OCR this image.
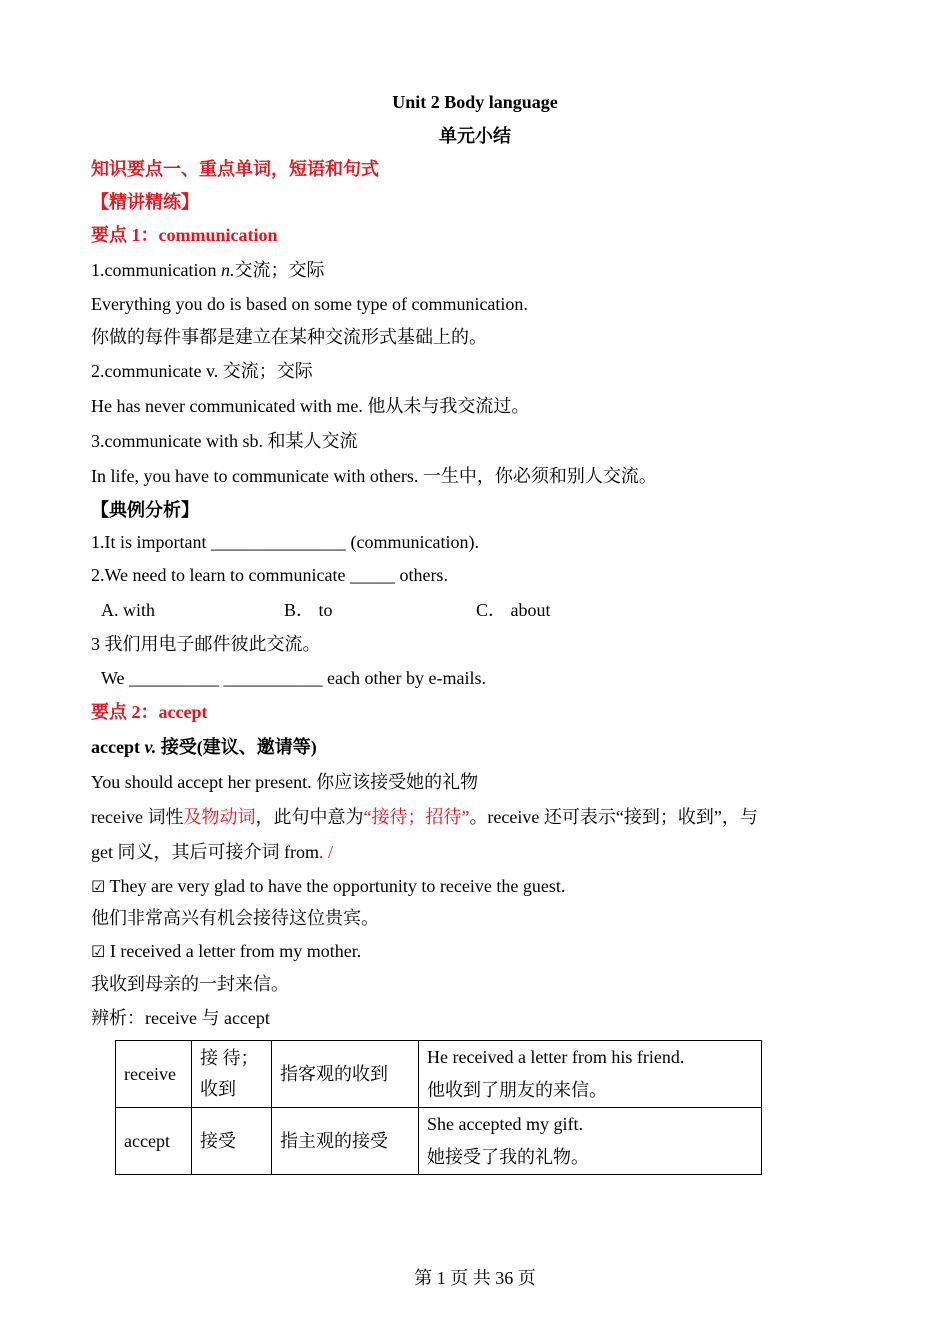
Unit 2 Body language
单元小结
知识要点一、重点单词，短语和句式
【精讲精练】
要点 1：communication
1.communication n.交流；交际
Everything you do is based on some type of communication.
你做的每件事都是建立在某种交流形式基础上的。
2.communicate v. 交流；交际
He has never communicated with me. 他从未与我交流过。
3.communicate with sb. 和某人交流
In life, you have to communicate with others. 一生中，你必须和别人交流。
【典例分析】
1.It is important _______________ (communication).
2.We need to learn to communicate _____ others.
A. with	B． to	C． about
3 我们用电子邮件彼此交流。
We __________ ___________ each other by e-mails.
要点 2：accept
accept v. 接受(建议、邀请等)
You should accept her present. 你应该接受她的礼物
receive 词性及物动词，此句中意为“接待；招待”。receive 还可表示“接到；收到”，与
get 同义，其后可接介词 from. /
☑ They are very glad to have the opportunity to receive the guest.
他们非常高兴有机会接待这位贵宾。
☑ I received a letter from my mother.
我收到母亲的一封来信。
辨析：receive 与 accept
receive	接 待；收到	指客观的收到	He received a letter from his friend.
他收到了朋友的来信。

accept	接受	指主观的接受	She accepted my gift.
她接受了我的礼物。
第 1 页 共 36 页
